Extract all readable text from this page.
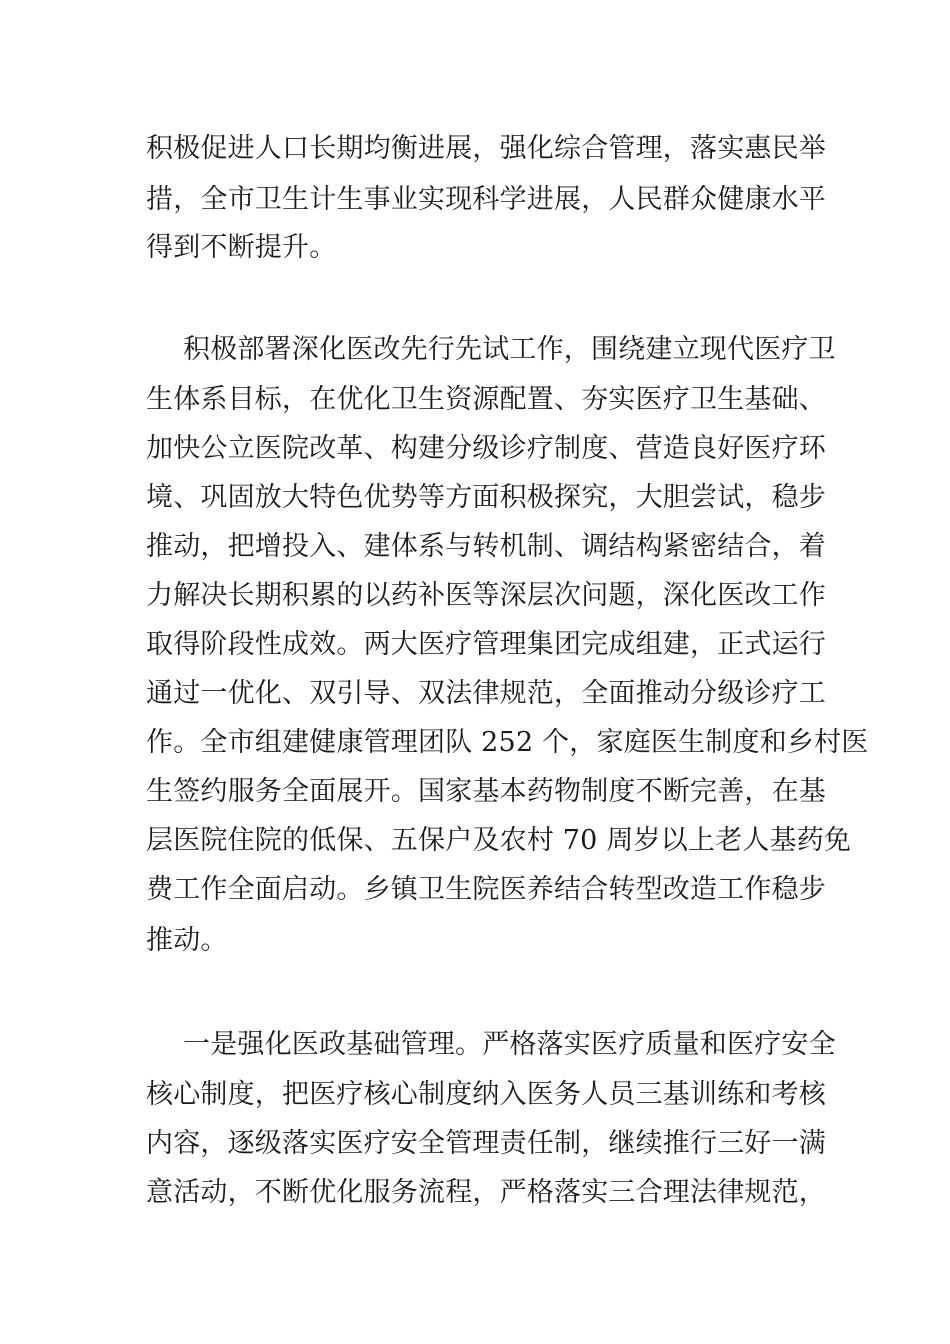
积极促进人口长期均衡进展，强化综合管理，落实惠民举
措，全市卫生计生事业实现科学进展，人民群众健康水平
得到不断提升。
积极部署深化医改先行先试工作，围绕建立现代医疗卫
生体系目标，在优化卫生资源配置、夯实医疗卫生基础、
加快公立医院改革、构建分级诊疗制度、营造良好医疗环
境、巩固放大特色优势等方面积极探究，大胆尝试，稳步
推动，把增投入、建体系与转机制、调结构紧密结合，着
力解决长期积累的以药补医等深层次问题，深化医改工作
取得阶段性成效。两大医疗管理集团完成组建，正式运行
通过一优化、双引导、双法律规范，全面推动分级诊疗工
作。全市组建健康管理团队 252 个，家庭医生制度和乡村医
生签约服务全面展开。国家基本药物制度不断完善，在基
层医院住院的低保、五保户及农村 70 周岁以上老人基药免
费工作全面启动。乡镇卫生院医养结合转型改造工作稳步
推动。
一是强化医政基础管理。严格落实医疗质量和医疗安全
核心制度，把医疗核心制度纳入医务人员三基训练和考核
内容，逐级落实医疗安全管理责任制，继续推行三好一满
意活动，不断优化服务流程，严格落实三合理法律规范，
